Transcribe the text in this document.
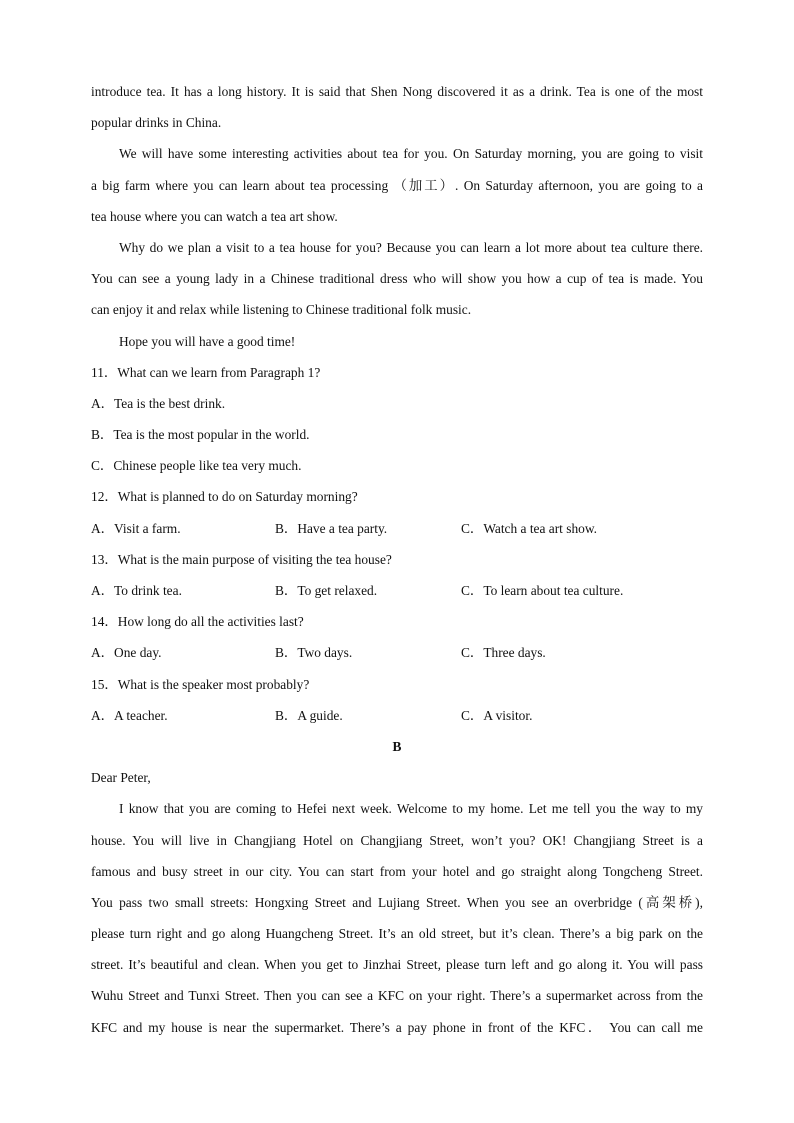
introduce tea. It has a long history. It is said that Shen Nong discovered it as a drink. Tea is one of the most
popular drinks in China.
We will have some interesting activities about tea for you. On Saturday morning, you are going to visit
a big farm where you can learn about tea processing （加工）. On Saturday afternoon, you are going to a
tea house where you can watch a tea art show.
Why do we plan a visit to a tea house for you? Because you can learn a lot more about tea culture there.
You can see a young lady in a Chinese traditional dress who will show you how a cup of tea is made. You
can enjoy it and relax while listening to Chinese traditional folk music.
Hope you will have a good time!
11．What can we learn from Paragraph 1?
A．Tea is the best drink.
B．Tea is the most popular in the world.
C．Chinese people like tea very much.
12．What is planned to do on Saturday morning?
A．Visit a farm.	B．Have a tea party.	C．Watch a tea art show.
13．What is the main purpose of visiting the tea house?
A．To drink tea.	B．To get relaxed.	C．To learn about tea culture.
14．How long do all the activities last?
A．One day.	B．Two days.	C．Three days.
15．What is the speaker most probably?
A．A teacher.	B．A guide.	C．A visitor.
B
Dear Peter,
I know that you are coming to Hefei next week. Welcome to my home. Let me tell you the way to my
house. You will live in Changjiang Hotel on Changjiang Street, won’t you? OK! Changjiang Street is a
famous and busy street in our city. You can start from your hotel and go straight along Tongcheng Street.
You pass two small streets: Hongxing Street and Lujiang Street. When you see an overbridge (高架桥),
please turn right and go along Huangcheng Street. It’s an old street, but it’s clean. There’s a big park on the
street. It’s beautiful and clean. When you get to Jinzhai Street, please turn left and go along it. You will pass
Wuhu Street and Tunxi Street. Then you can see a KFC on your right. There’s a supermarket across from the
KFC and my house is near the supermarket. There’s a pay phone in front of the KFC． You can call me
